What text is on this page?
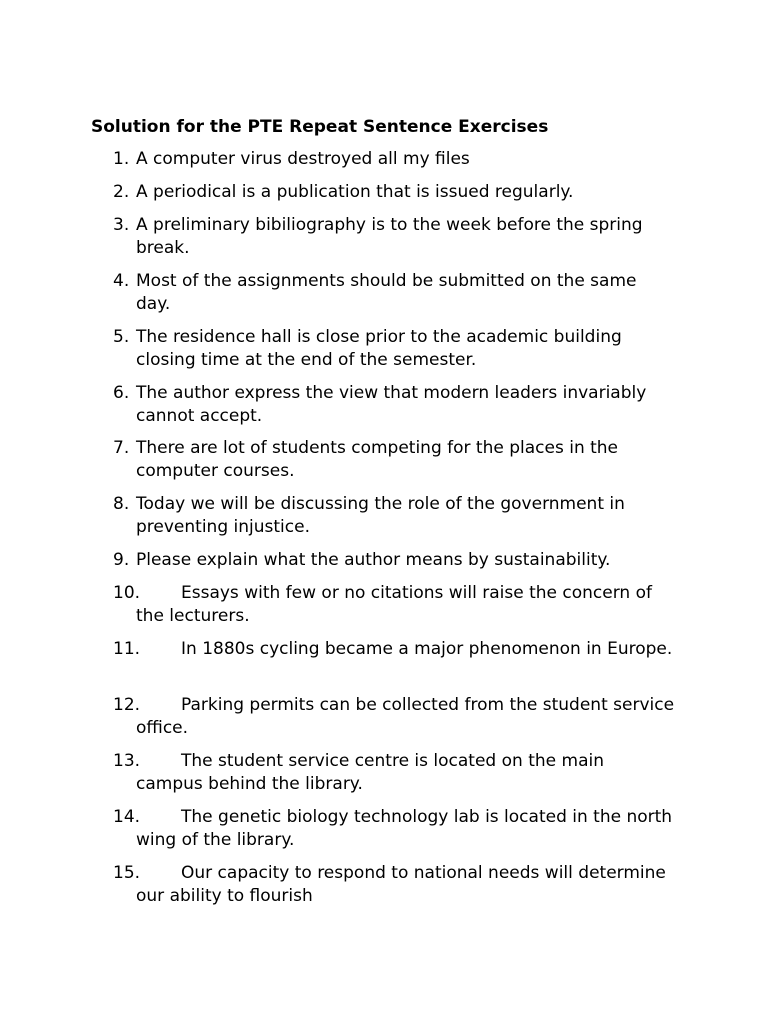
Solution for the PTE Repeat Sentence Exercises
1. A computer virus destroyed all my files
2. A periodical is a publication that is issued regularly.
3. A preliminary bibiliography is to the week before the spring break.
4. Most of the assignments should be submitted on the same day.
5. The residence hall is close prior to the academic building closing time at the end of the semester.
6. The author express the view that modern leaders invariably cannot accept.
7. There are lot of students competing for the places in the computer courses.
8. Today we will be discussing the role of the government in preventing injustice.
9. Please explain what the author means by sustainability.
10.	Essays with few or no citations will raise the concern of the lecturers.
11.	In 1880s cycling became a major phenomenon in Europe.
12.	Parking permits can be collected from the student service office.
13.	The student service centre is located on the main campus behind the library.
14.	The genetic biology technology lab is located in the north wing of the library.
15.	Our capacity to respond to national needs will determine our ability to flourish
